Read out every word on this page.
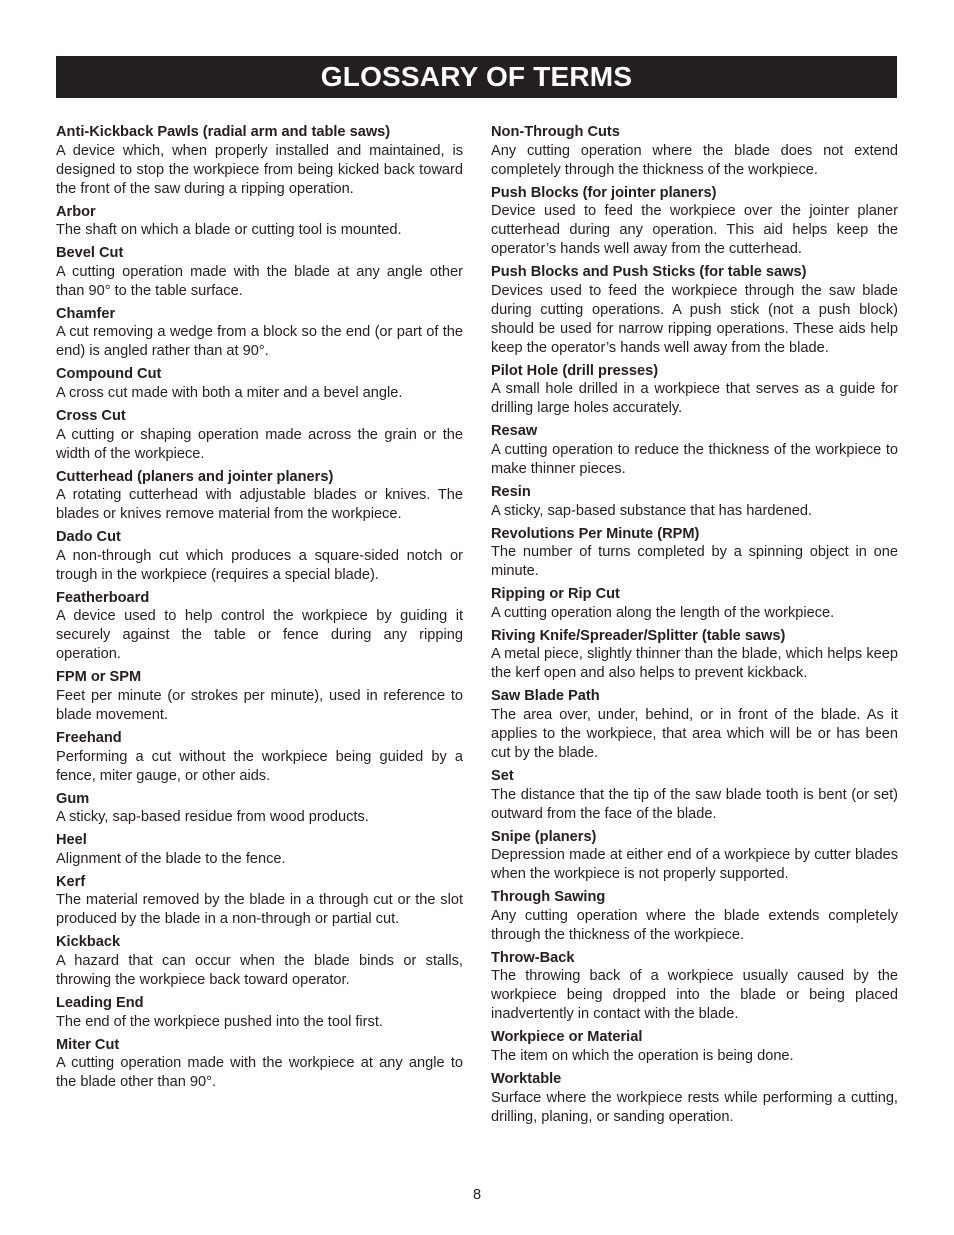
GLOSSARY OF TERMS

Anti-Kickback Pawls (radial arm and table saws)

A device which, when properly installed and maintained, is designed to stop the workpiece from being kicked back toward the front of the saw during a ripping operation.

Arbor

The shaft on which a blade or cutting tool is mounted.

Bevel Cut

A cutting operation made with the blade at any angle other than 90° to the table surface.

Chamfer

A cut removing a wedge from a block so the end (or part of the end) is angled rather than at 90°.

Compound Cut

A cross cut made with both a miter and a bevel angle.

Cross Cut

A cutting or shaping operation made across the grain or the width of the workpiece.

Cutterhead (planers and jointer planers)

A rotating cutterhead with adjustable blades or knives. The blades or knives remove material from the workpiece.

Dado Cut

A non-through cut which produces a square-sided notch or trough in the workpiece (requires a special blade).

Featherboard

A device used to help control the workpiece by guiding it securely against the table or fence during any ripping operation.

FPM or SPM

Feet per minute (or strokes per minute), used in reference to blade movement.

Freehand

Performing a cut without the workpiece being guided by a fence, miter gauge, or other aids.

Gum

A sticky, sap-based residue from wood products.

Heel

Alignment of the blade to the fence.

Kerf

The material removed by the blade in a through cut or the slot produced by the blade in a non-through or partial cut.

Kickback

A hazard that can occur when the blade binds or stalls, throwing the workpiece back toward operator.

Leading End

The end of the workpiece pushed into the tool first.

Miter Cut

A cutting operation made with the workpiece at any angle to the blade other than 90°.

Non-Through Cuts

Any cutting operation where the blade does not extend completely through the thickness of the workpiece.

Push Blocks (for jointer planers)

Device used to feed the workpiece over the jointer planer cutterhead during any operation. This aid helps keep the operator’s hands well away from the cutterhead.

Push Blocks and Push Sticks (for table saws)

Devices used to feed the workpiece through the saw blade during cutting operations. A push stick (not a push block) should be used for narrow ripping operations. These aids help keep the operator’s hands well away from the blade.

Pilot Hole (drill presses)

A small hole drilled in a workpiece that serves as a guide for drilling large holes accurately.

Resaw

A cutting operation to reduce the thickness of the workpiece to make thinner pieces.

Resin

A sticky, sap-based substance that has hardened.

Revolutions Per Minute (RPM)

The number of turns completed by a spinning object in one minute.

Ripping or Rip Cut

A cutting operation along the length of the workpiece.

Riving Knife/Spreader/Splitter (table saws)

A metal piece, slightly thinner than the blade, which helps keep the kerf open and also helps to prevent kickback.

Saw Blade Path

The area over, under, behind, or in front of the blade. As it applies to the workpiece, that area which will be or has been cut by the blade.

Set

The distance that the tip of the saw blade tooth is bent (or set) outward from the face of the blade.

Snipe (planers)

Depression made at either end of a workpiece by cutter blades when the workpiece is not properly supported.

Through Sawing

Any cutting operation where the blade extends completely through the thickness of the workpiece.

Throw-Back

The throwing back of a workpiece usually caused by the workpiece being dropped into the blade or being placed inadvertently in contact with the blade.

Workpiece or Material

The item on which the operation is being done.

Worktable

Surface where the workpiece rests while performing a cutting, drilling, planing, or sanding operation.

8
